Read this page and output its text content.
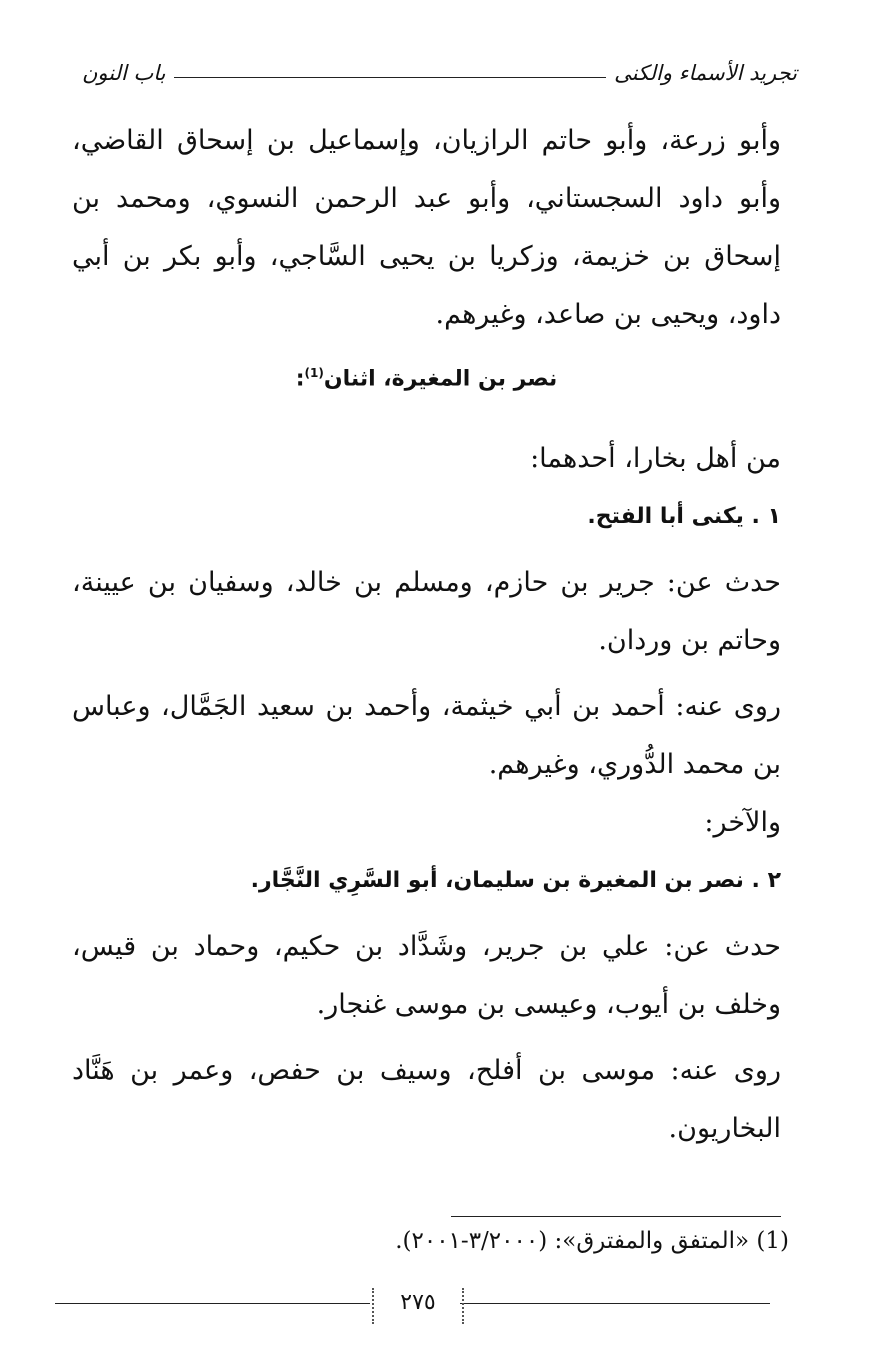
تجريد الأسماء والكنى
باب النون

وأبو زرعة، وأبو حاتم الرازيان، وإسماعيل بن إسحاق القاضي، وأبو داود السجستاني، وأبو عبد الرحمن النسوي، ومحمد بن إسحاق بن خزيمة، وزكريا بن يحيى السَّاجي، وأبو بكر بن أبي داود، ويحيى بن صاعد، وغيرهم.

نصر بن المغيرة، اثنان$^{(1)}$:

من أهل بخارا، أحدهما:

١ . يكنى أبا الفتح.

حدث عن: جرير بن حازم، ومسلم بن خالد، وسفيان بن عيينة، وحاتم بن وردان.

روى عنه: أحمد بن أبي خيثمة، وأحمد بن سعيد الجَمَّال، وعباس بن محمد الدُّوري، وغيرهم.

والآخر:

٢ . نصر بن المغيرة بن سليمان، أبو السَّرِي النَّجَّار.

حدث عن: علي بن جرير، وشَدَّاد بن حكيم، وحماد بن قيس، وخلف بن أيوب، وعيسى بن موسى غنجار.

روى عنه: موسى بن أفلح، وسيف بن حفص، وعمر بن هَنَّاد البخاريون.

(1) «المتفق والمفترق»: (٣/٢٠٠٠-٢٠٠١).
٢٧٥
